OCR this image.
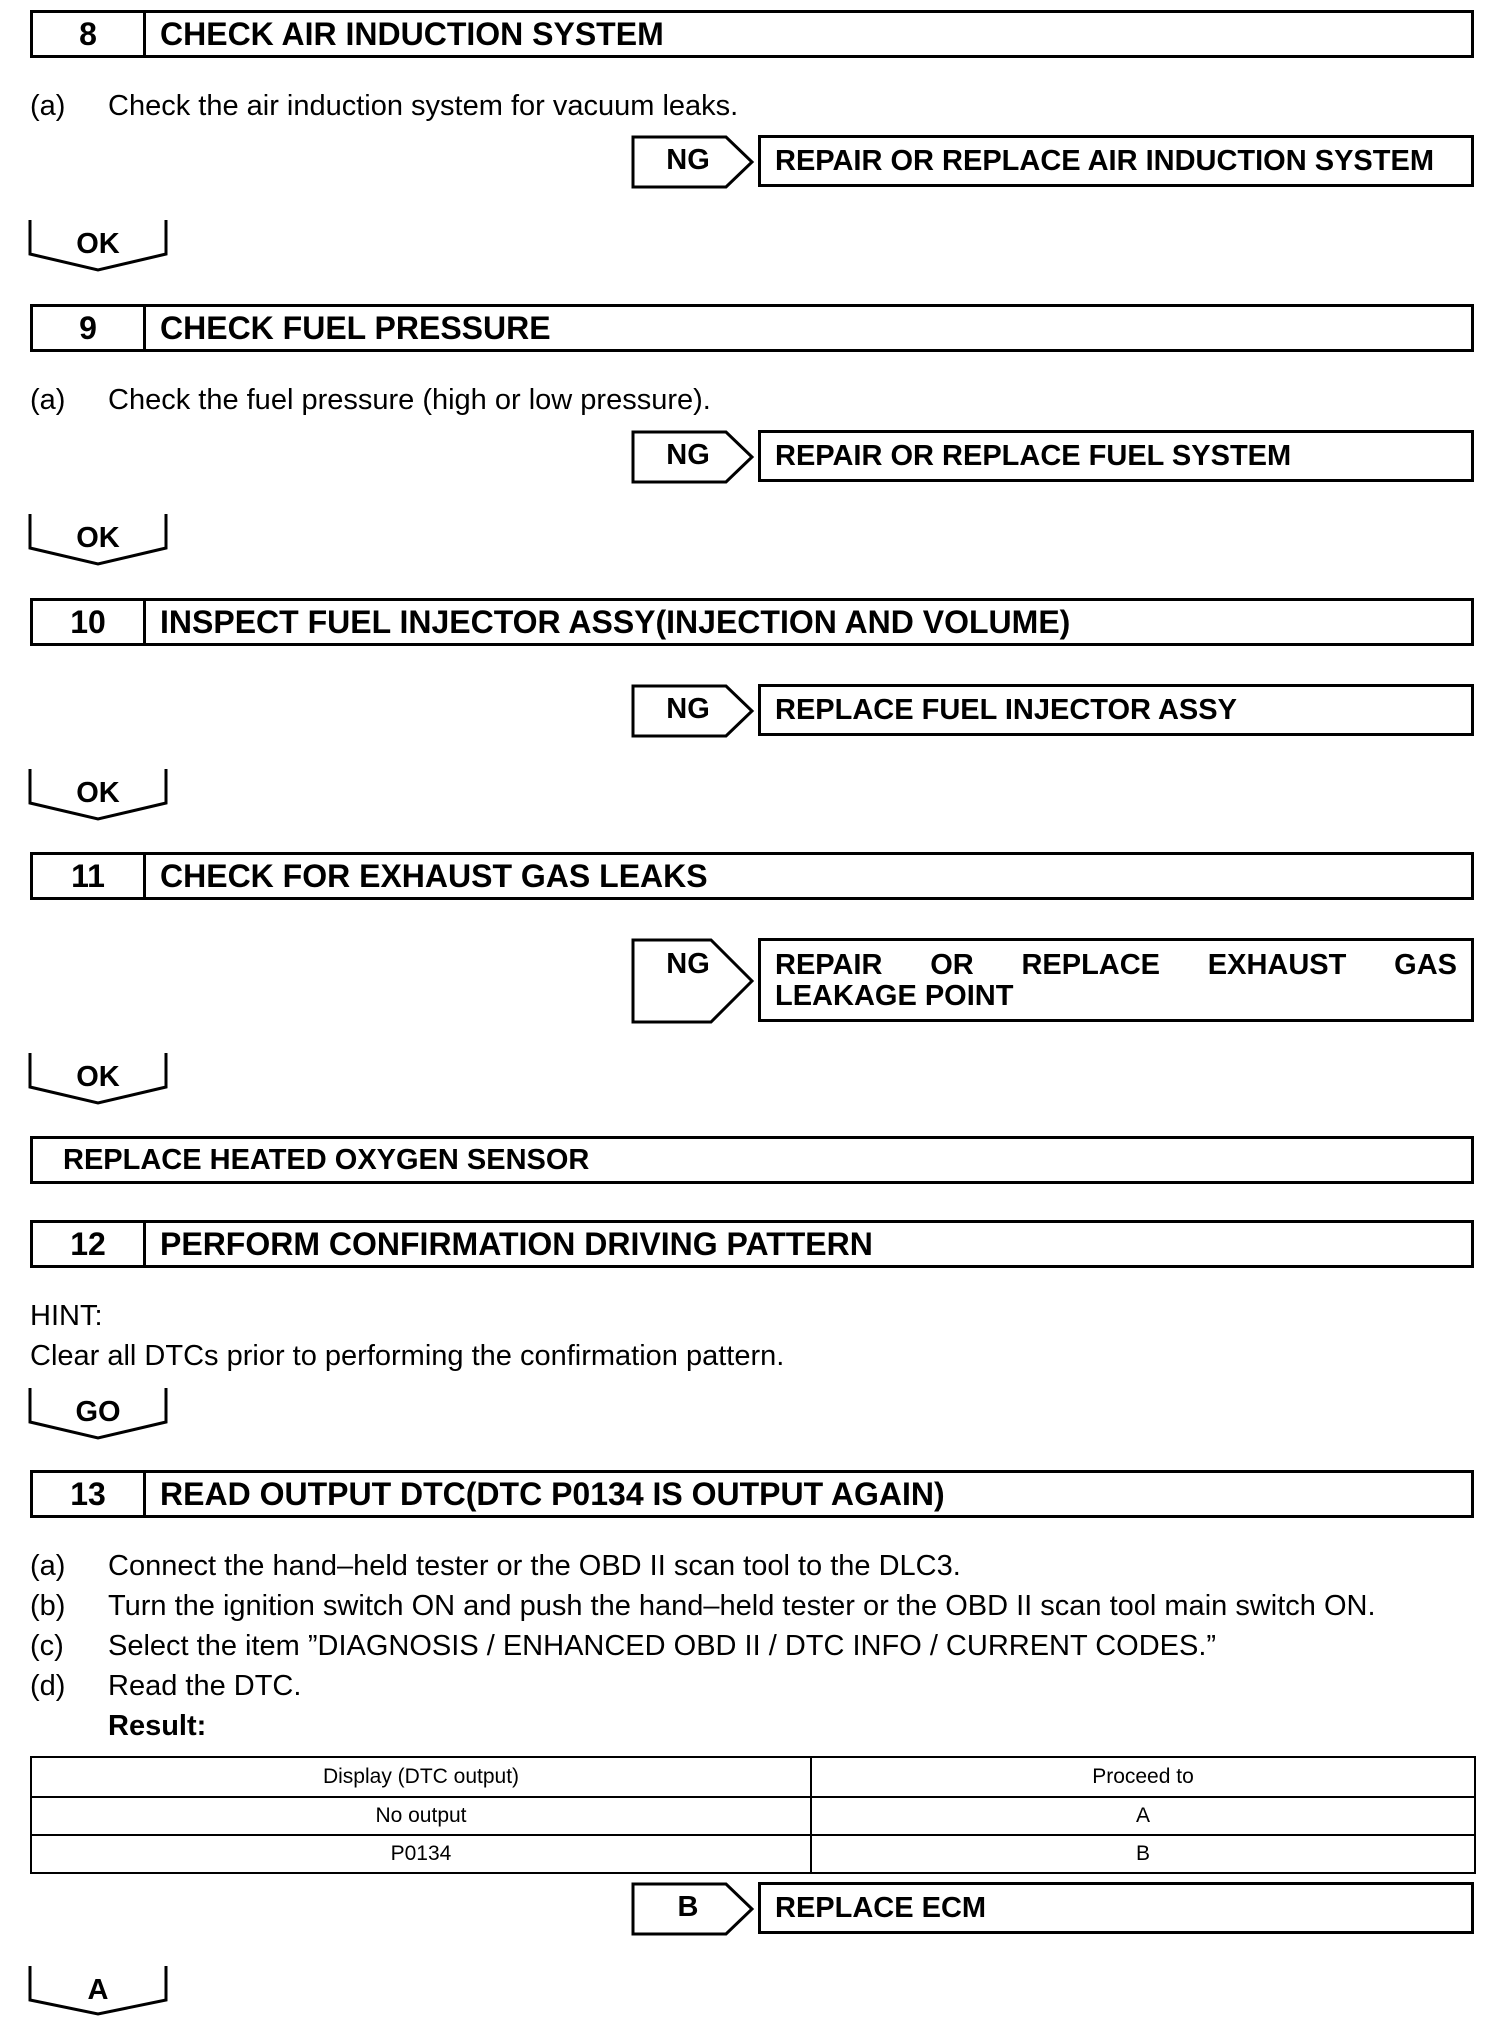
8	CHECK AIR INDUCTION SYSTEM
(a) Check the air induction system for vacuum leaks.
NG	REPAIR OR REPLACE AIR INDUCTION SYSTEM
OK
9	CHECK FUEL PRESSURE
(a) Check the fuel pressure (high or low pressure).
NG	REPAIR OR REPLACE FUEL SYSTEM
OK
10	INSPECT FUEL INJECTOR ASSY(INJECTION AND VOLUME)
NG	REPLACE FUEL INJECTOR ASSY
OK
11	CHECK FOR EXHAUST GAS LEAKS
NG	REPAIR OR REPLACE EXHAUST GAS
LEAKAGE POINT
OK
REPLACE HEATED OXYGEN SENSOR
12	PERFORM CONFIRMATION DRIVING PATTERN
HINT:
Clear all DTCs prior to performing the confirmation pattern.
GO
13	READ OUTPUT DTC(DTC P0134 IS OUTPUT AGAIN)
(a) Connect the hand–held tester or the OBD II scan tool to the DLC3.
(b) Turn the ignition switch ON and push the hand–held tester or the OBD II scan tool main switch ON.
(c) Select the item ”DIAGNOSIS / ENHANCED OBD II / DTC INFO / CURRENT CODES.”
(d) Read the DTC.
Result:
Display (DTC output)	Proceed to
No output	A
P0134	B
B	REPLACE ECM
A
